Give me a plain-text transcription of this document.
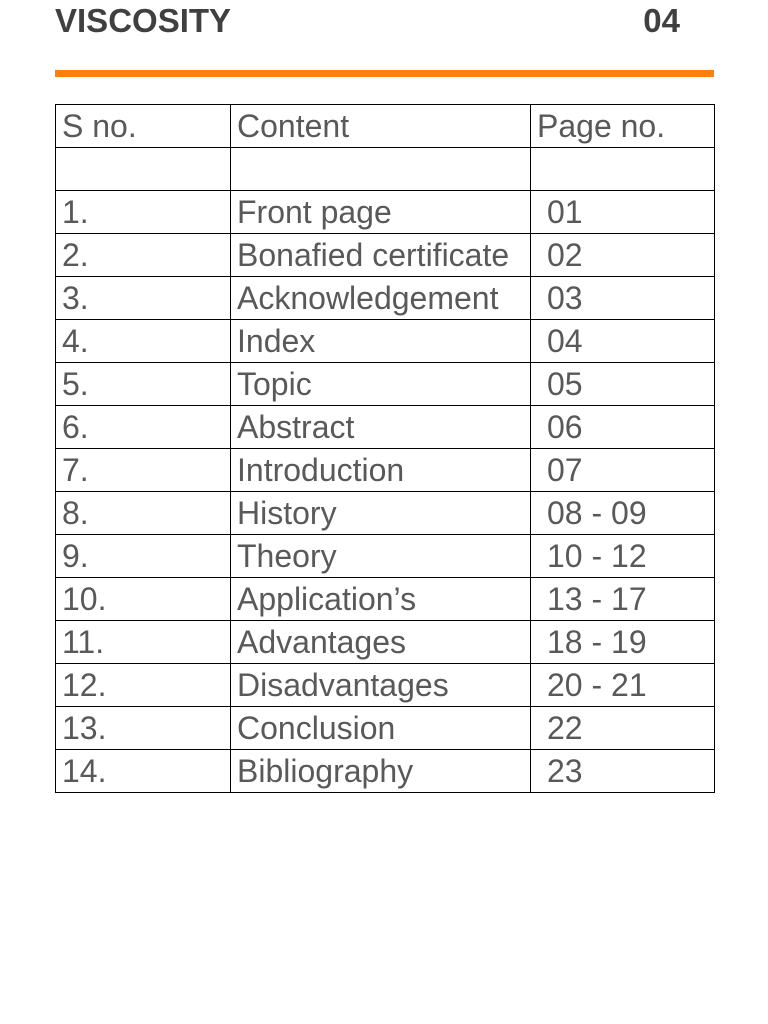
VISCOSITY	04
S no.	Content	Page no.

1.	Front page	01
2.	Bonafied certificate	02
3.	Acknowledgement	03
4.	Index	04
5.	Topic	05
6.	Abstract	06
7.	Introduction	07
8.	History	08 - 09
9.	Theory	10 - 12
10.	Application’s	13 - 17
11.	Advantages	18 - 19
12.	Disadvantages	20 - 21
13.	Conclusion	22
14.	Bibliography	23
